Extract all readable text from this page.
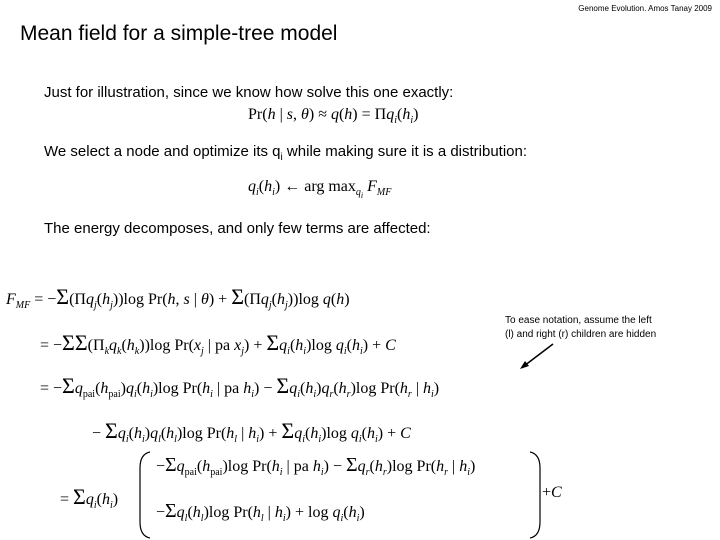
Genome Evolution. Amos Tanay 2009
Mean field for a simple-tree model
Just for illustration, since we know how solve this one exactly:
We select a node and optimize its $q_i$ while making sure it is a distribution:
The energy decomposes, and only few terms are affected:
Pr(h | s, $\theta) \approx q(h) = \Pi q_i(h_i)$
$q_i(h_i)$ ← arg $\max_{q_i} F_{MF}$
$F_{MF} = -\Sigma(\Pi q_j(h_j))\log$ Pr(h, s | $\theta) + \Sigma(\Pi q_j(h_j))\log$ q(h)
= $-\Sigma\Sigma(\Pi_kq_k(h_k))\log$ $Pr(x_j$ | pa $x_j) + \Sigma q_i(h_i)\log$ $q_i(h_i) + C$
= $-\Sigma q_{pai}(h_{pai})q_i(h_i)\log$ $Pr(h_i$ | pa $h_i) - \Sigma q_i(h_i)q_r(h_r)\log$ $Pr(h_r$ | $h_i$)
− $\Sigma q_i(h_i)q_l(h_l)\log$ $Pr(h_l$ | $h_i) + \Sigma q_i(h_i)\log$ $q_i(h_i) + C$
= $\Sigma q_i(h_i)$
$-\Sigma q_{pai}(h_{pai})\log$ $Pr(h_i$ | pa $h_i) - \Sigma q_r(h_r)\log$ $Pr(h_r$ | $h_i$)
$-\Sigma q_l(h_l)\log$ $Pr(h_l$ | $h_i) + \log q_i(h_i)$
+C
To ease notation, assume the left
(l) and right (r) children are hidden
